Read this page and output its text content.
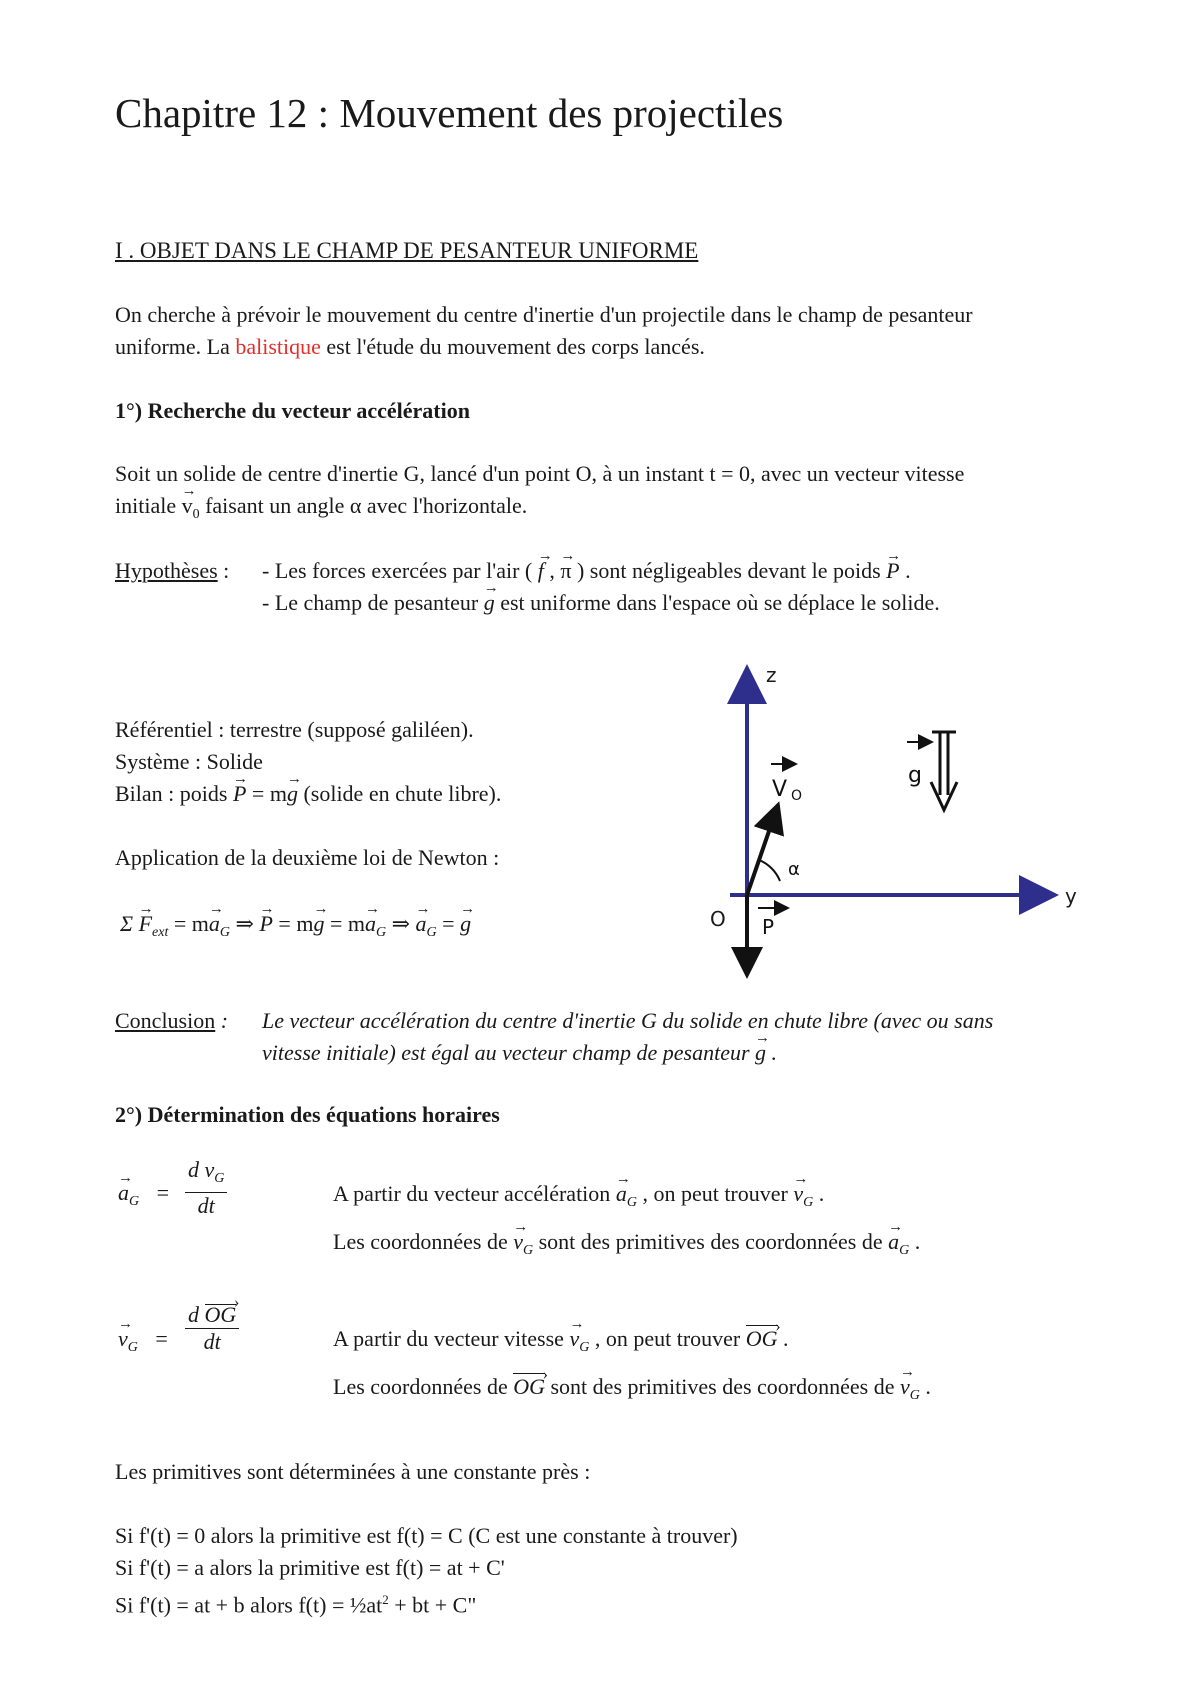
Chapitre 12 : Mouvement des projectiles
I . OBJET DANS LE CHAMP DE PESANTEUR UNIFORME
On cherche à prévoir le mouvement du centre d'inertie d'un projectile dans le champ de pesanteur
uniforme. La balistique est l'étude du mouvement des corps lancés.
1°) Recherche du vecteur accélération
Soit un solide de centre d'inertie G, lancé d'un point O, à un instant t = 0, avec un vecteur vitesse
initiale → $v_0$ faisant un angle α avec l'horizontale.
Hypothèses : - Les forces exercées par l'air ( → f , → π ) sont négligeables devant le poids → P .
- Le champ de pesanteur → g est uniforme dans l'espace où se déplace le solide.
Référentiel : terrestre (supposé galiléen).
Système : Solide
Bilan : poids → P = m→ g (solide en chute libre).
Application de la deuxième loi de Newton :
$\Sigma \to F_{ext} = m\to a_G$ ⇒ → $P = m\to g = m\to a_G$ ⇒ → $a_G$ = → g
z
y
O
V O
α
P
g
Conclusion : Le vecteur accélération du centre d'inertie G du solide en chute libre (avec ou sans
vitesse initiale) est égal au vecteur champ de pesanteur → g .
2°) Détermination des équations horaires
→ $a_G = \frac{d v_G}{dt}$	A partir du vecteur accélération → $a_G$ , on peut trouver → $v_G$ .
Les coordonnées de → $v_G$ sont des primitives des coordonnées de → $a_G$ .
→ $v_G = \frac{\text{d OG ›}}{dt}$	A partir du vecteur vitesse → $v_G$ , on peut trouver OG › .
Les coordonnées de OG › sont des primitives des coordonnées de → $v_G$ .
Les primitives sont déterminées à une constante près :
Si f'(t) = 0 alors la primitive est f(t) = C (C est une constante à trouver)
Si f'(t) = a alors la primitive est f(t) = at + C'
Si f'(t) = at + b alors $f(t) = \frac{1}{2}at^2$ + bt + C"
